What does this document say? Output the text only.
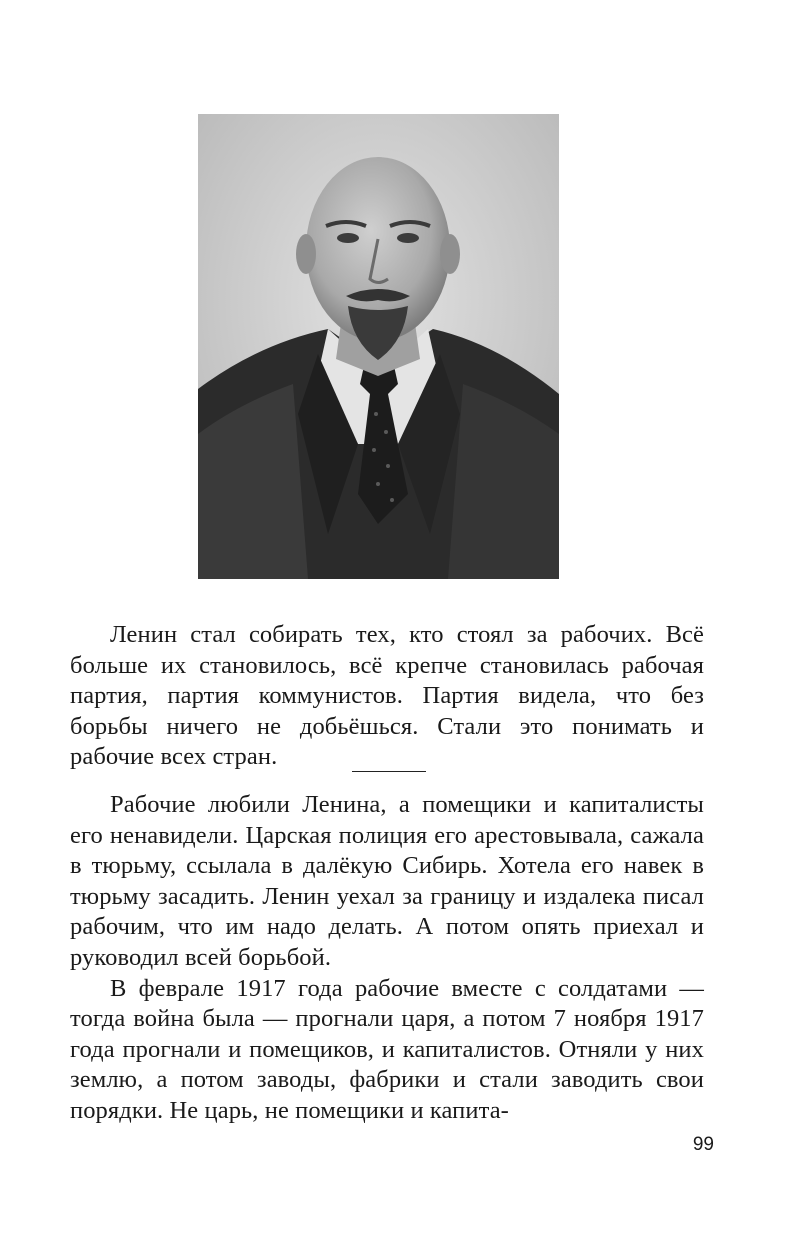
Ленин стал собирать тех, кто стоял за рабочих. Всё больше их становилось, всё крепче становилась рабочая партия, партия коммунистов. Партия видела, что без борьбы ничего не добьёшься. Стали это понимать и рабочие всех стран.

Рабочие любили Ленина, а помещики и капиталисты его ненавидели. Царская полиция его арестовывала, сажала в тюрьму, ссылала в далёкую Сибирь. Хотела его навек в тюрьму засадить. Ленин уехал за границу и издалека писал рабочим, что им надо делать. А потом опять приехал и руководил всей борьбой.

В феврале 1917 года рабочие вместе с солдатами — тогда война была — прогнали царя, а потом 7 ноября 1917 года прогнали и помещиков, и капиталистов. Отняли у них землю, а потом заводы, фабрики и стали заводить свои порядки. Не царь, не помещики и капита-

99
